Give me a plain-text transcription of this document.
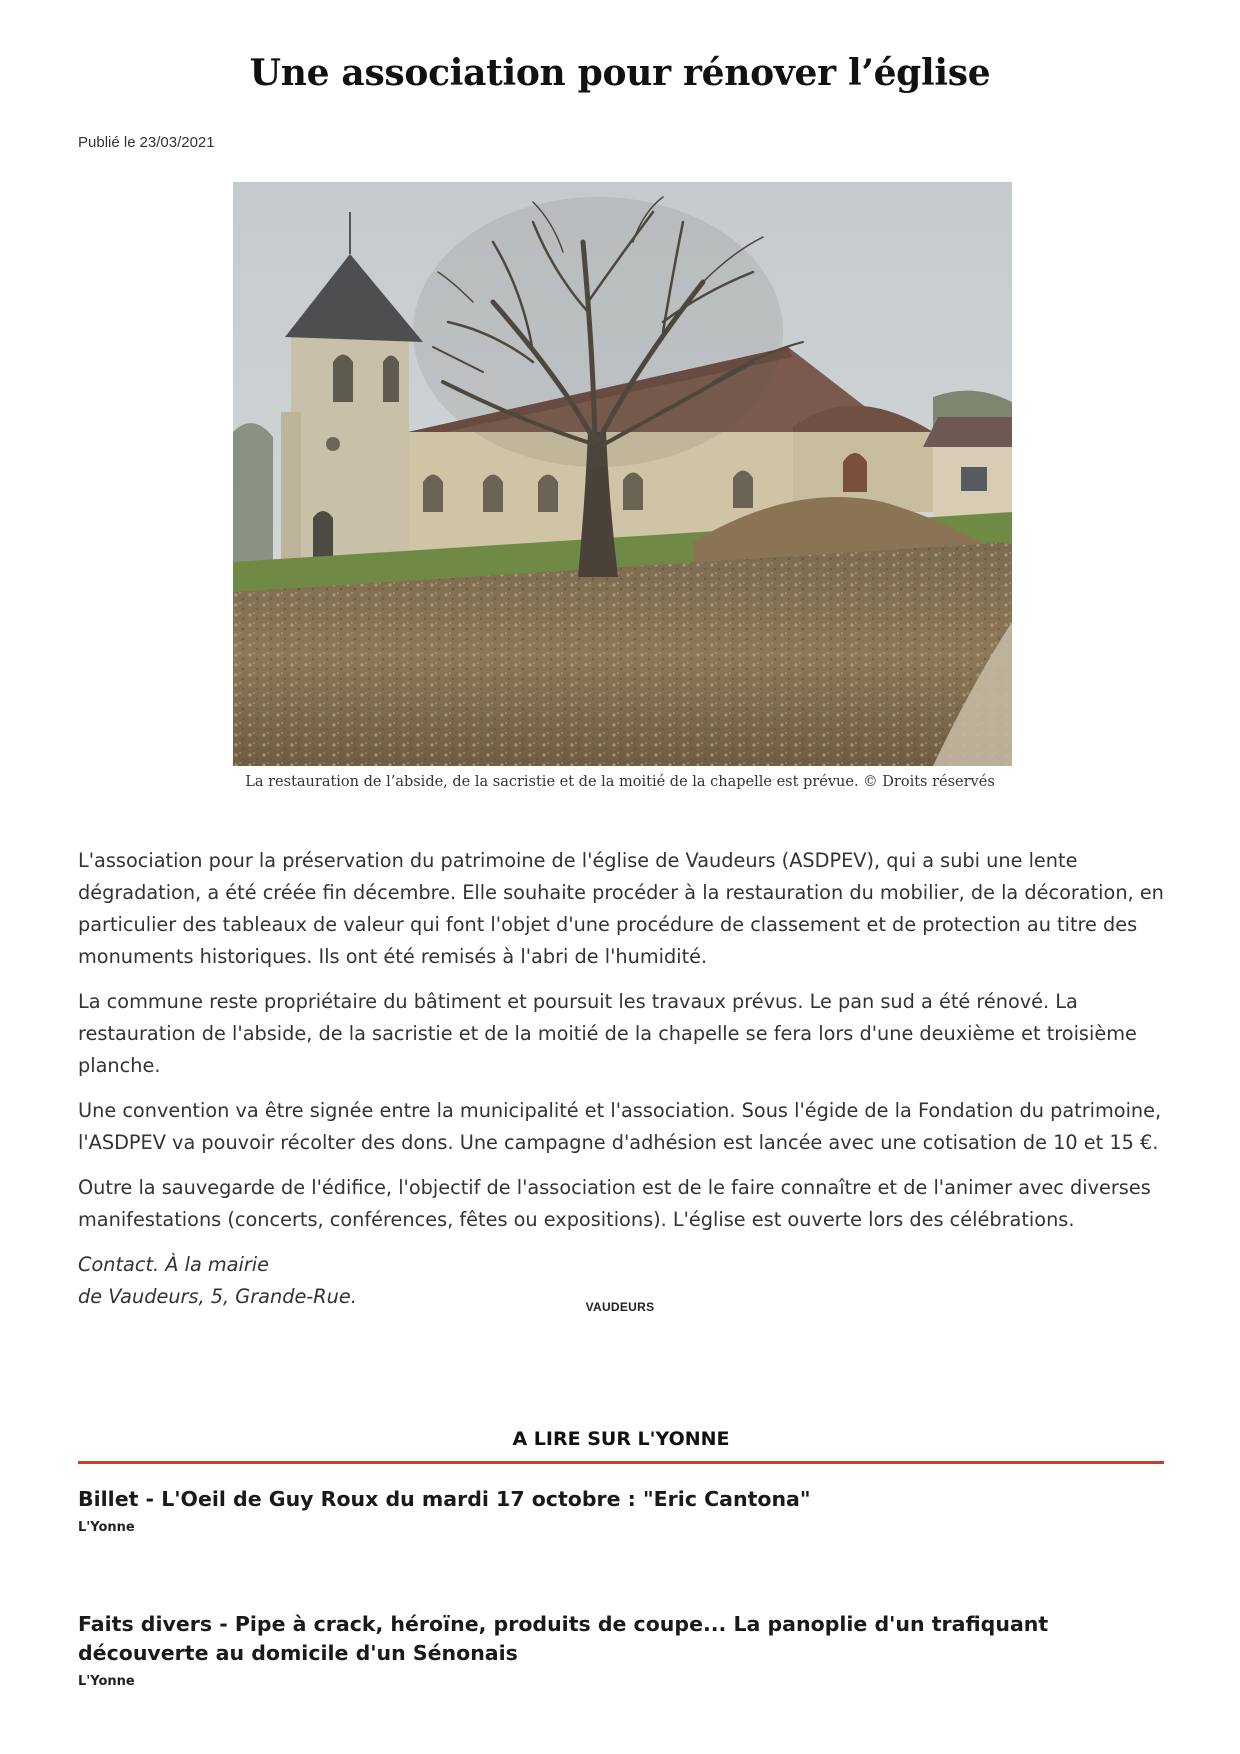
Une association pour rénover l’église
Publié le 23/03/2021
La restauration de l’abside, de la sacristie et de la moitié de la chapelle est prévue. © Droits réservés

L'association pour la préservation du patrimoine de l'église de Vaudeurs (ASDPEV), qui a subi une lente dégradation, a été créée fin décembre. Elle souhaite procéder à la restauration du mobilier, de la décoration, en particulier des tableaux de valeur qui font l'objet d'une procédure de classement et de protection au titre des monuments historiques. Ils ont été remisés à l'abri de l'humidité.

La commune reste propriétaire du bâtiment et poursuit les travaux prévus. Le pan sud a été rénové. La restauration de l'abside, de la sacristie et de la moitié de la chapelle se fera lors d'une deuxième et troisième planche.

Une convention va être signée entre la municipalité et l'association. Sous l'égide de la Fondation du patrimoine, l'ASDPEV va pouvoir récolter des dons. Une campagne d'adhésion est lancée avec une cotisation de 10 et 15 €.

Outre la sauvegarde de l'édifice, l'objectif de l'association est de le faire connaître et de l'animer avec diverses manifestations (concerts, conférences, fêtes ou expositions). L'église est ouverte lors des célébrations.

Contact. À la mairie
de Vaudeurs, 5, Grande-Rue.	VAUDEURS
A LIRE SUR L'YONNE
Billet - L'Oeil de Guy Roux du mardi 17 octobre : "Eric Cantona"
L'Yonne
Faits divers - Pipe à crack, héroïne, produits de coupe... La panoplie d'un trafiquant découverte au domicile d'un Sénonais
L'Yonne
